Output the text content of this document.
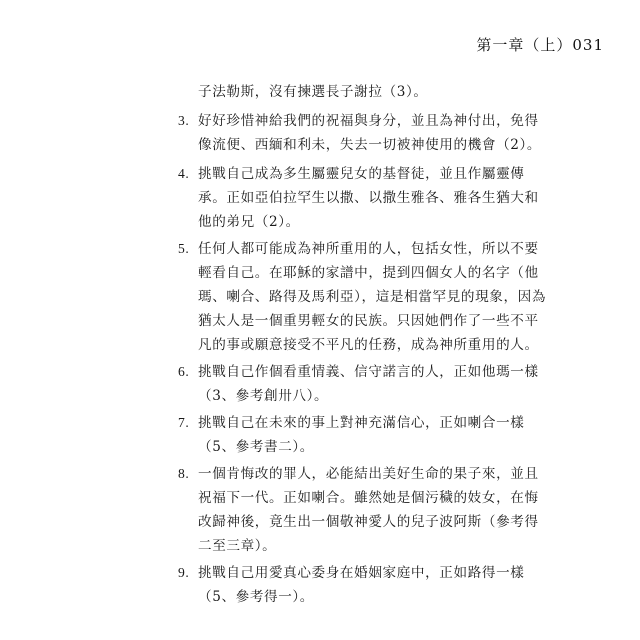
第一章（上）031
子法勒斯，沒有揀選長子謝拉（3）。
3. 好好珍惜神給我們的祝福與身分，並且為神付出，免得
像流便、西緬和利未，失去一切被神使用的機會（2）。
4. 挑戰自己成為多生屬靈兒女的基督徒，並且作屬靈傳
承。正如亞伯拉罕生以撒、以撒生雅各、雅各生猶大和
他的弟兄（2）。
5. 任何人都可能成為神所重用的人，包括女性，所以不要
輕看自己。在耶穌的家譜中，提到四個女人的名字（他
瑪、喇合、路得及馬利亞），這是相當罕見的現象，因為
猶太人是一個重男輕女的民族。只因她們作了一些不平
凡的事或願意接受不平凡的任務，成為神所重用的人。
6. 挑戰自己作個看重情義、信守諾言的人，正如他瑪一樣
（3、參考創卅八）。
7. 挑戰自己在未來的事上對神充滿信心，正如喇合一樣
（5、參考書二）。
8. 一個肯悔改的罪人，必能結出美好生命的果子來，並且
祝福下一代。正如喇合。雖然她是個污穢的妓女，在悔
改歸神後，竟生出一個敬神愛人的兒子波阿斯（參考得
二至三章）。
9. 挑戰自己用愛真心委身在婚姻家庭中，正如路得一樣
（5、參考得一）。
